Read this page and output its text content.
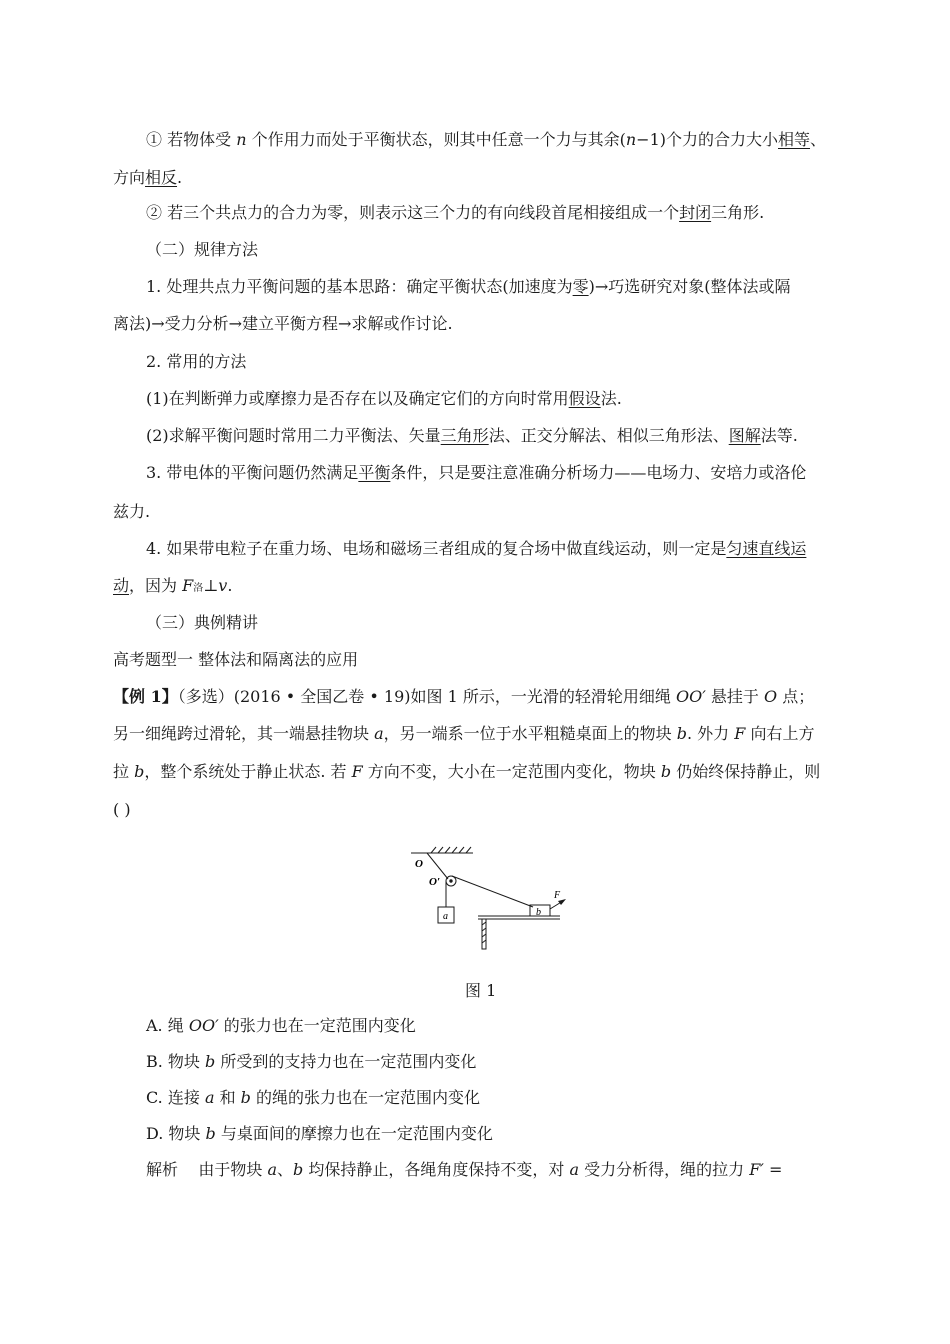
① 若物体受 n 个作用力而处于平衡状态，则其中任意一个力与其余(n−1)个力的合力大小相等、
方向相反.
② 若三个共点力的合力为零，则表示这三个力的有向线段首尾相接组成一个封闭三角形.
（二）规律方法
1. 处理共点力平衡问题的基本思路：确定平衡状态(加速度为零)→巧选研究对象(整体法或隔
离法)→受力分析→建立平衡方程→求解或作讨论.
2. 常用的方法
(1)在判断弹力或摩擦力是否存在以及确定它们的方向时常用假设法.
(2)求解平衡问题时常用二力平衡法、矢量三角形法、正交分解法、相似三角形法、图解法等.
3. 带电体的平衡问题仍然满足平衡条件，只是要注意准确分析场力——电场力、安培力或洛伦
兹力.
4. 如果带电粒子在重力场、电场和磁场三者组成的复合场中做直线运动，则一定是匀速直线运
动，因为 F洛⊥v.
（三）典例精讲
高考题型一 整体法和隔离法的应用
【例 1】（多选）(2016 • 全国乙卷 • 19)如图 1 所示，一光滑的轻滑轮用细绳 OO′ 悬挂于 O 点；
另一细绳跨过滑轮，其一端悬挂物块 a，另一端系一位于水平粗糙桌面上的物块 b. 外力 F 向右上方
拉 b，整个系统处于静止状态. 若 F 方向不变，大小在一定范围内变化，物块 b 仍始终保持静止，则
( )
O
O′
a	b
F
图 1
A. 绳 OO′ 的张力也在一定范围内变化
B. 物块 b 所受到的支持力也在一定范围内变化
C. 连接 a 和 b 的绳的张力也在一定范围内变化
D. 物块 b 与桌面间的摩擦力也在一定范围内变化
解析 由于物块 a、b 均保持静止，各绳角度保持不变，对 a 受力分析得，绳的拉力 F′ =
